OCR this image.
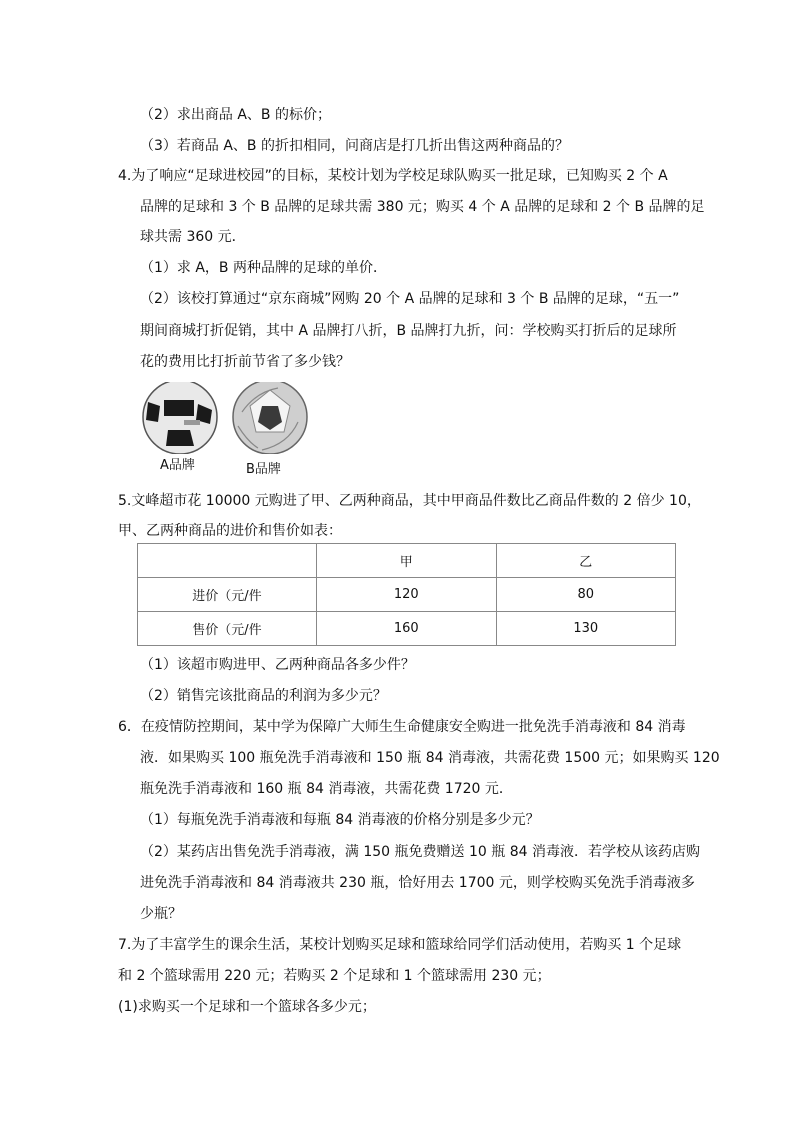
（2）求出商品 A、B 的标价；
（3）若商品 A、B 的折扣相同，问商店是打几折出售这两种商品的？
4.为了响应“足球进校园”的目标，某校计划为学校足球队购买一批足球，已知购买 2 个 A
品牌的足球和 3 个 B 品牌的足球共需 380 元；购买 4 个 A 品牌的足球和 2 个 B 品牌的足
球共需 360 元．
（1）求 A，B 两种品牌的足球的单价．
（2）该校打算通过“京东商城”网购 20 个 A 品牌的足球和 3 个 B 品牌的足球，“五一”
期间商城打折促销，其中 A 品牌打八折，B 品牌打九折，问：学校购买打折后的足球所
花的费用比打折前节省了多少钱？
A品牌	B品牌
5.文峰超市花 10000 元购进了甲、乙两种商品，其中甲商品件数比乙商品件数的 2 倍少 10，
甲、乙两种商品的进价和售价如表：
	甲	乙
进价（元/件	120	80
售价（元/件	160	130
（1）该超市购进甲、乙两种商品各多少件？
（2）销售完该批商品的利润为多少元？
6．在疫情防控期间，某中学为保障广大师生生命健康安全购进一批免洗手消毒液和 84 消毒
液．如果购买 100 瓶免洗手消毒液和 150 瓶 84 消毒液，共需花费 1500 元；如果购买 120
瓶免洗手消毒液和 160 瓶 84 消毒液，共需花费 1720 元．
（1）每瓶免洗手消毒液和每瓶 84 消毒液的价格分别是多少元？
（2）某药店出售免洗手消毒液，满 150 瓶免费赠送 10 瓶 84 消毒液．若学校从该药店购
进免洗手消毒液和 84 消毒液共 230 瓶，恰好用去 1700 元，则学校购买免洗手消毒液多
少瓶？
7.为了丰富学生的课余生活，某校计划购买足球和篮球给同学们活动使用，若购买 1 个足球
和 2 个篮球需用 220 元；若购买 2 个足球和 1 个篮球需用 230 元；
(1)求购买一个足球和一个篮球各多少元；
